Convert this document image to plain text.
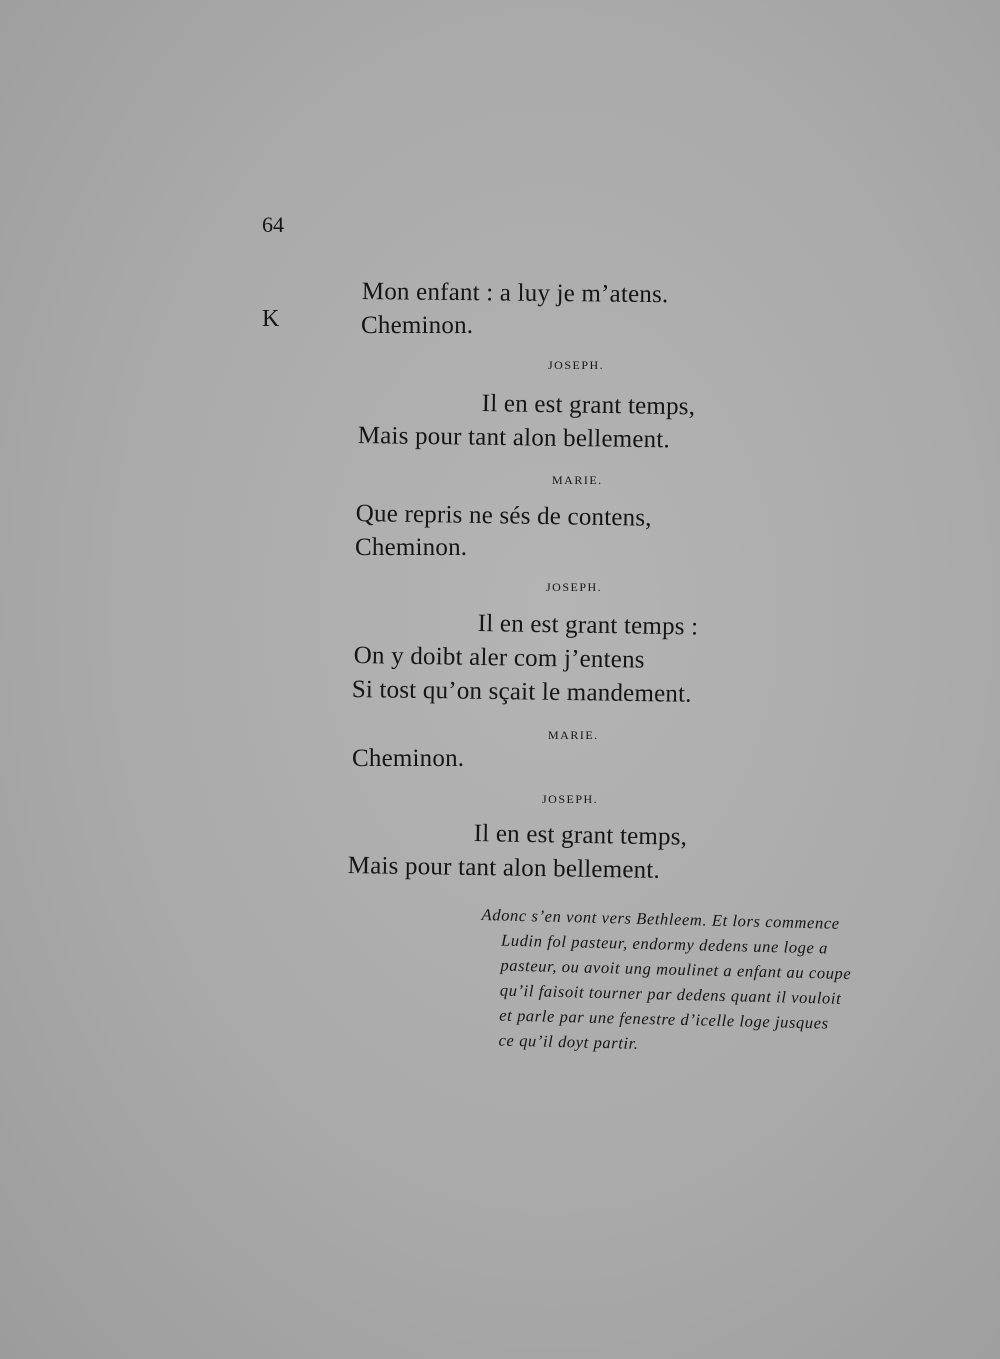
64
K
Mon enfant : a luy je m’atens.
Cheminon.
JOSEPH.
Il en est grant temps,
Mais pour tant alon bellement.
MARIE.
Que repris ne sés de contens,
Cheminon.
JOSEPH.
Il en est grant temps :
On y doibt aler com j’entens
Si tost qu’on sçait le mandement.
MARIE.
Cheminon.
JOSEPH.
Il en est grant temps,
Mais pour tant alon bellement.
Adonc s’en vont vers Bethleem. Et lors commence
Ludin fol pasteur, endormy dedens une loge a
pasteur, ou avoit ung moulinet a enfant au coupe
qu’il faisoit tourner par dedens quant il vouloit
et parle par une fenestre d’icelle loge jusques
ce qu’il doyt partir.
